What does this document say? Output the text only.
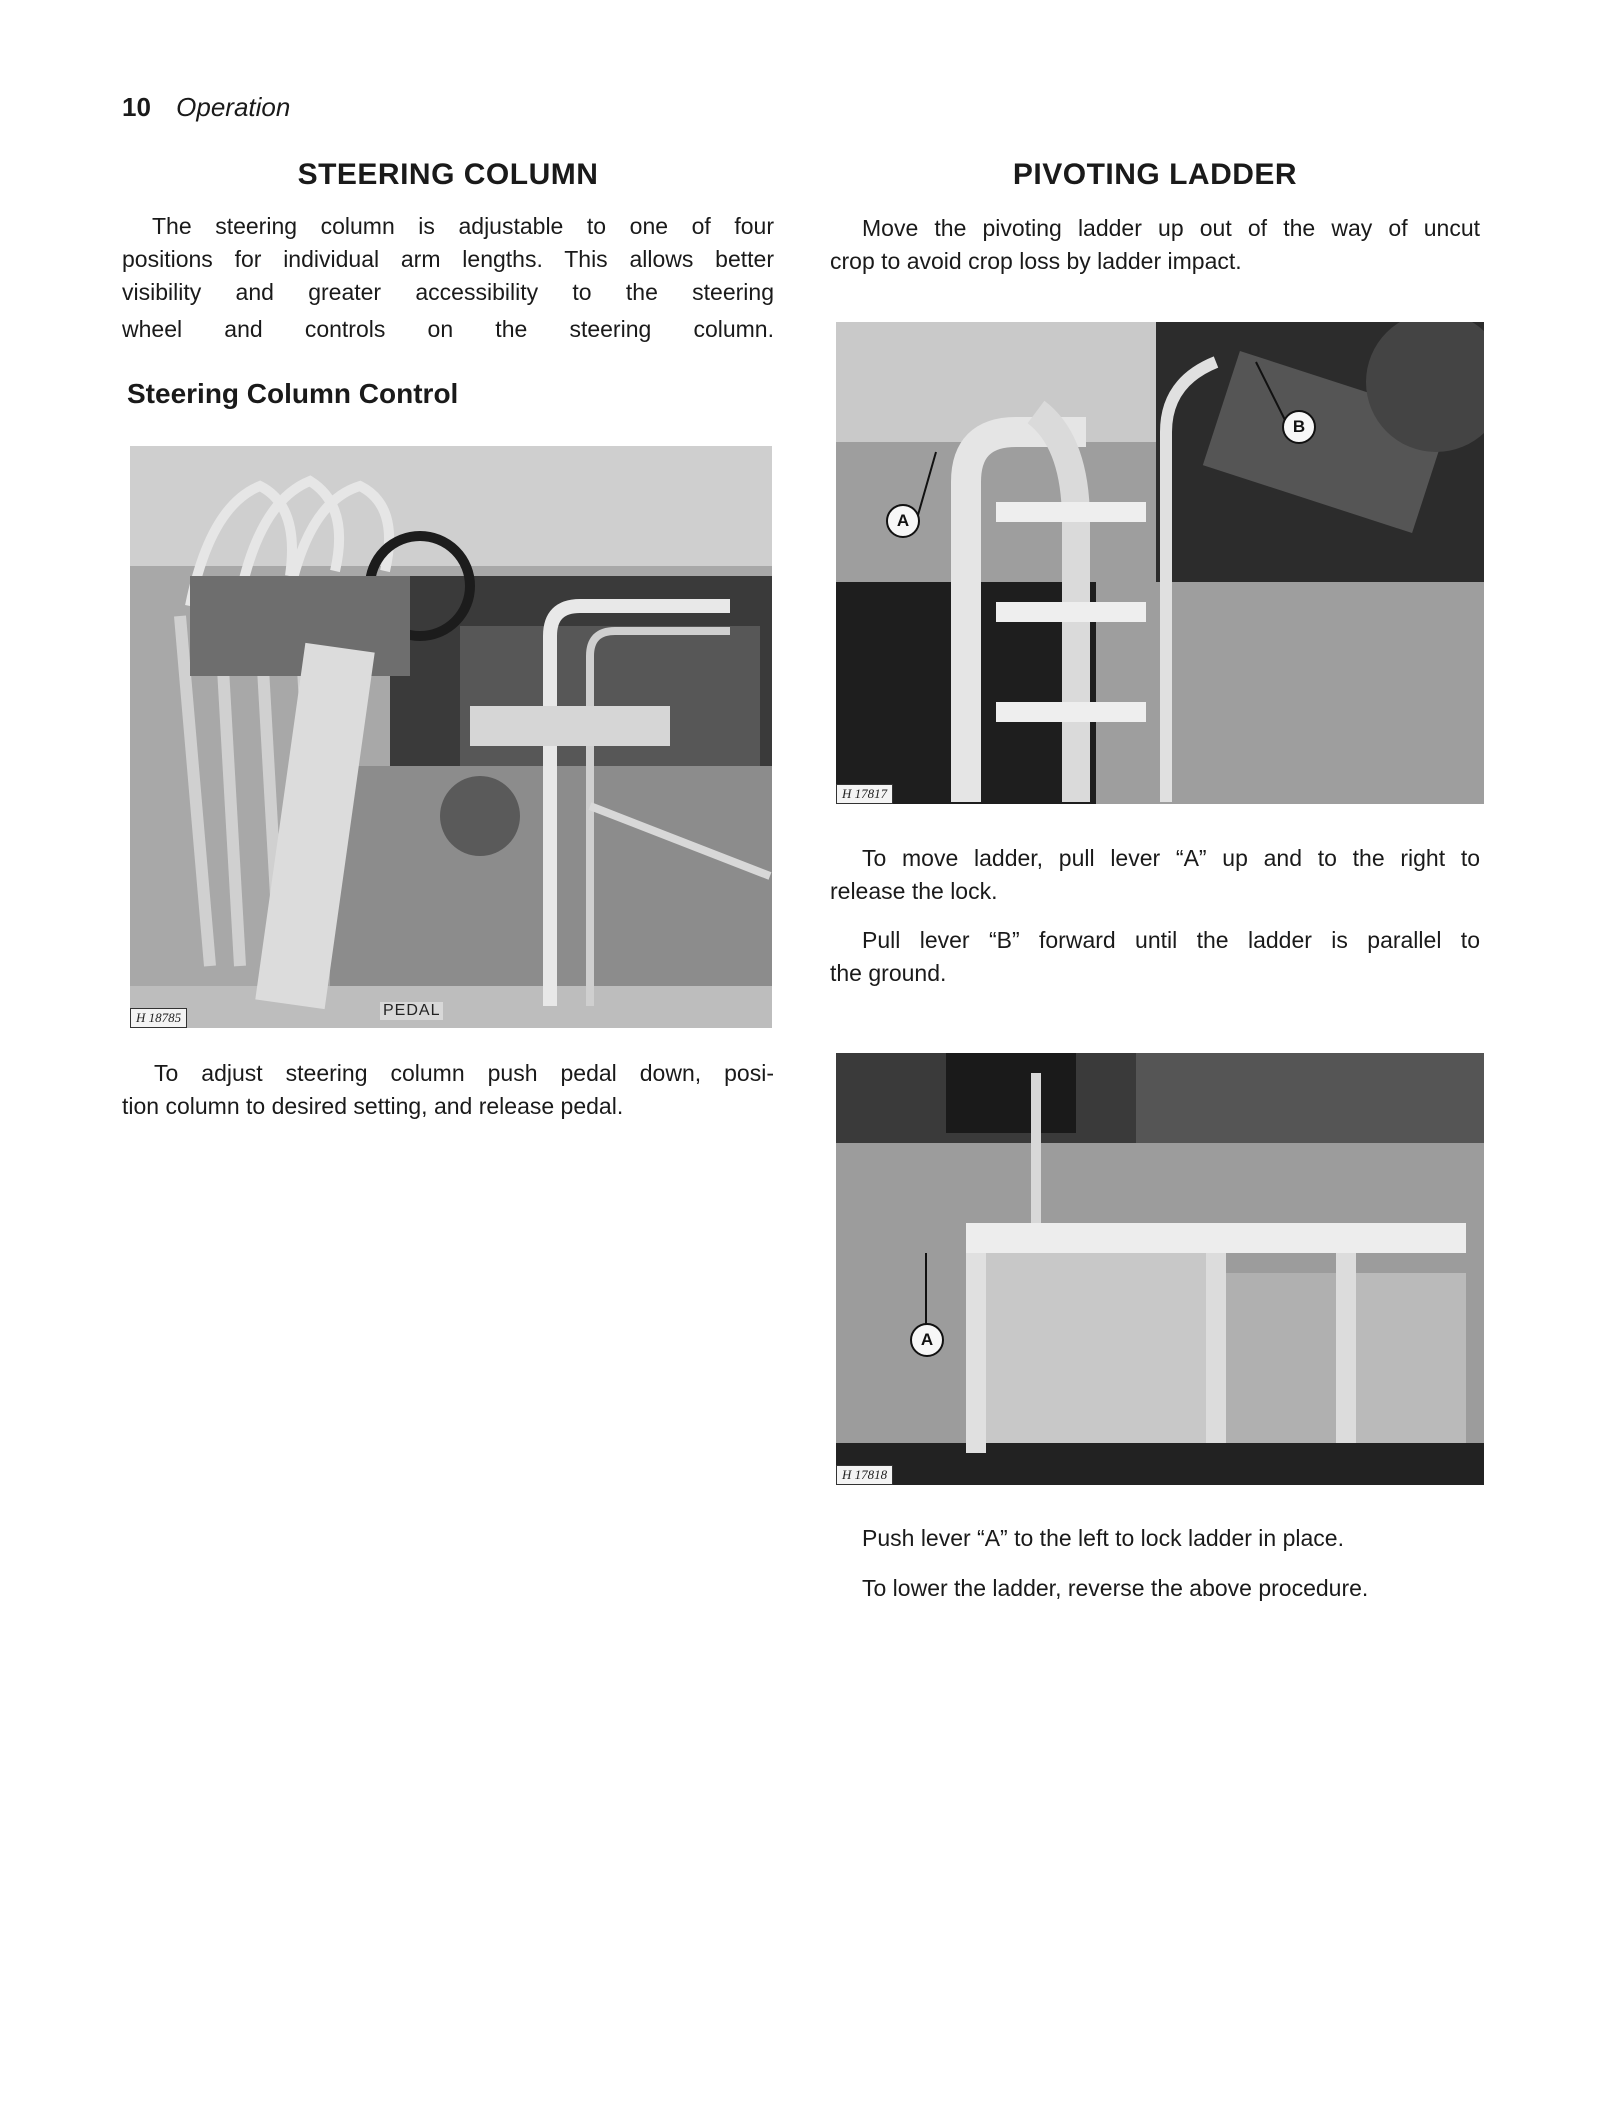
10 Operation
STEERING COLUMN
The steering column is adjustable to one of four
positions for individual arm lengths. This allows better
visibility and greater accessibility to the steering
wheel and controls on the steering column.
Steering Column Control
H 18785	PEDAL
To adjust steering column push pedal down, posi-
tion column to desired setting, and release pedal.
PIVOTING LADDER
Move the pivoting ladder up out of the way of uncut
crop to avoid crop loss by ladder impact.
A
B
H 17817
To move ladder, pull lever “A” up and to the right to
release the lock.
Pull lever “B” forward until the ladder is parallel to
the ground.
A
H 17818
Push lever “A” to the left to lock ladder in place.
To lower the ladder, reverse the above procedure.
